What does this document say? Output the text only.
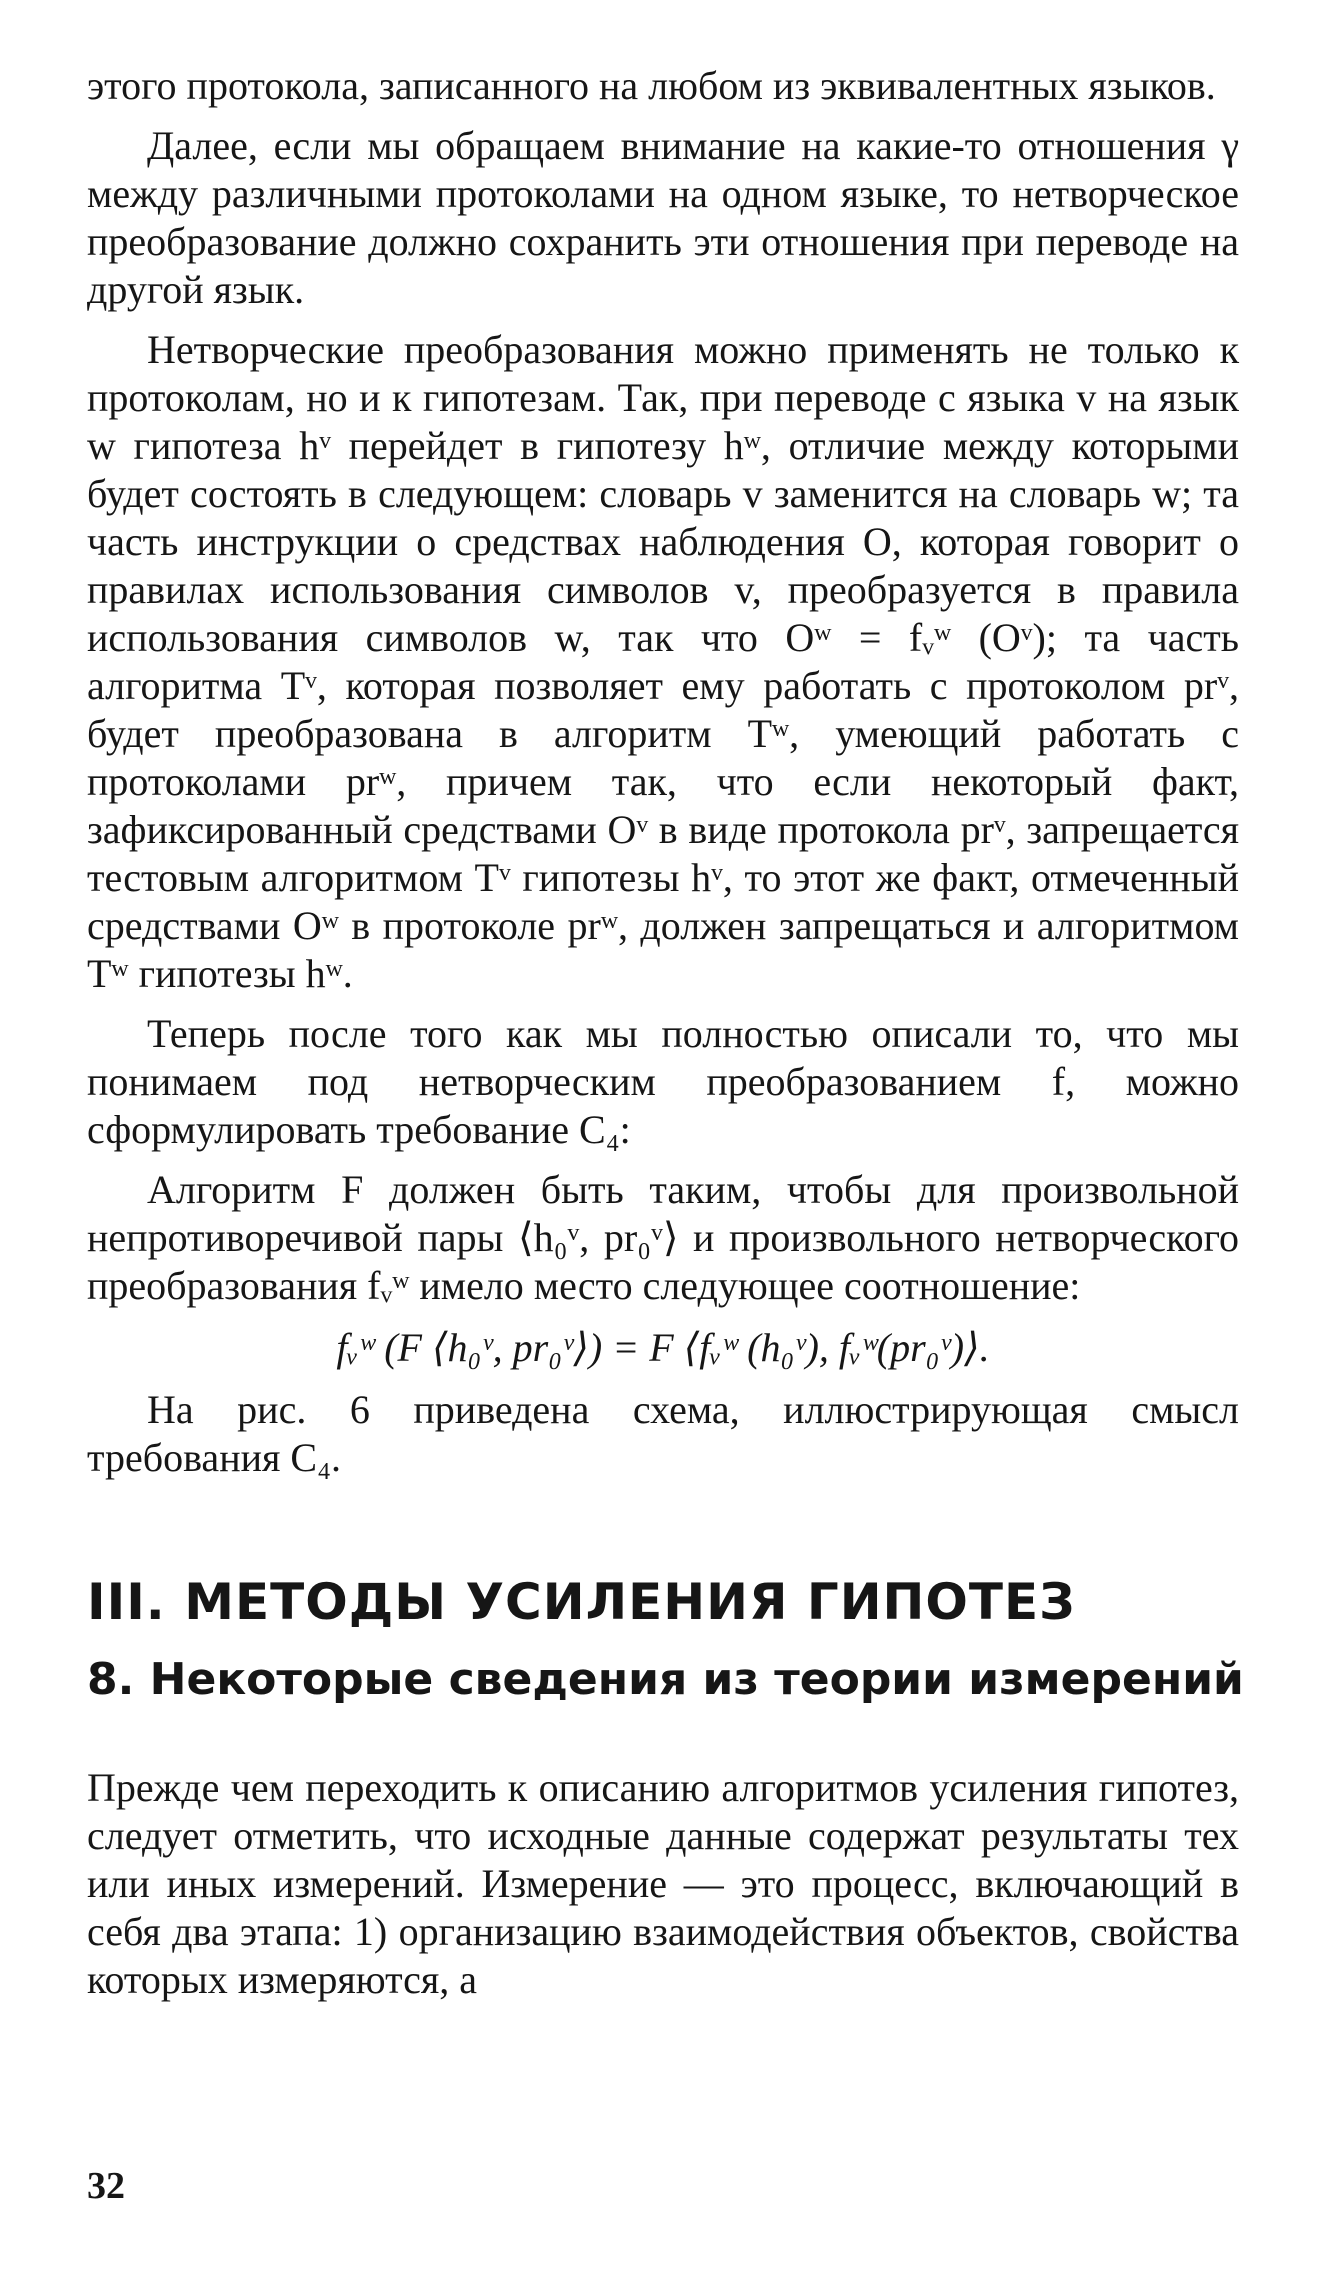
этого протокола, записанного на любом из эквивалентных языков.

Далее, если мы обращаем внимание на какие-то отношения γ между различными протоколами на одном языке, то нетворческое преобразование должно сохранить эти отношения при переводе на другой язык.

Нетворческие преобразования можно применять не только к протоколам, но и к гипотезам. Так, при переводе с языка v на язык w гипотеза hᵛ перейдет в гипотезу hʷ, отличие между которыми будет состоять в следующем: словарь v заменится на словарь w; та часть инструкции о средствах наблюдения O, которая говорит о правилах использования символов v, преобразуется в правила использования символов w, так что Oʷ = fᵥʷ (Oᵛ); та часть алгоритма Tᵛ, которая позволяет ему работать с протоколом prᵛ, будет преобразована в алгоритм Tʷ, умеющий работать с протоколами prʷ, причем так, что если некоторый факт, зафиксированный средствами Oᵛ в виде протокола prᵛ, запрещается тестовым алгоритмом Tᵛ гипотезы hᵛ, то этот же факт, отмеченный средствами Oʷ в протоколе prʷ, должен запрещаться и алгоритмом Tʷ гипотезы hʷ.

Теперь после того как мы полностью описали то, что мы понимаем под нетворческим преобразованием f, можно сформулировать требование C₄:

Алгоритм F должен быть таким, чтобы для произвольной непротиворечивой пары ⟨h₀ᵛ, pr₀ᵛ⟩ и произвольного нетворческого преобразования fᵥʷ имело место следующее соотношение:

fᵥʷ (F ⟨h₀ᵛ, pr₀ᵛ⟩) = F ⟨fᵥʷ (h₀ᵛ), fᵥʷ(pr₀ᵛ)⟩.

На рис. 6 приведена схема, иллюстрирующая смысл требования C₄.

III. МЕТОДЫ УСИЛЕНИЯ ГИПОТЕЗ
8. Некоторые сведения из теории измерений

Прежде чем переходить к описанию алгоритмов усиления гипотез, следует отметить, что исходные данные содержат результаты тех или иных измерений. Измерение — это процесс, включающий в себя два этапа: 1) организацию взаимодействия объектов, свойства которых измеряются, а

32
